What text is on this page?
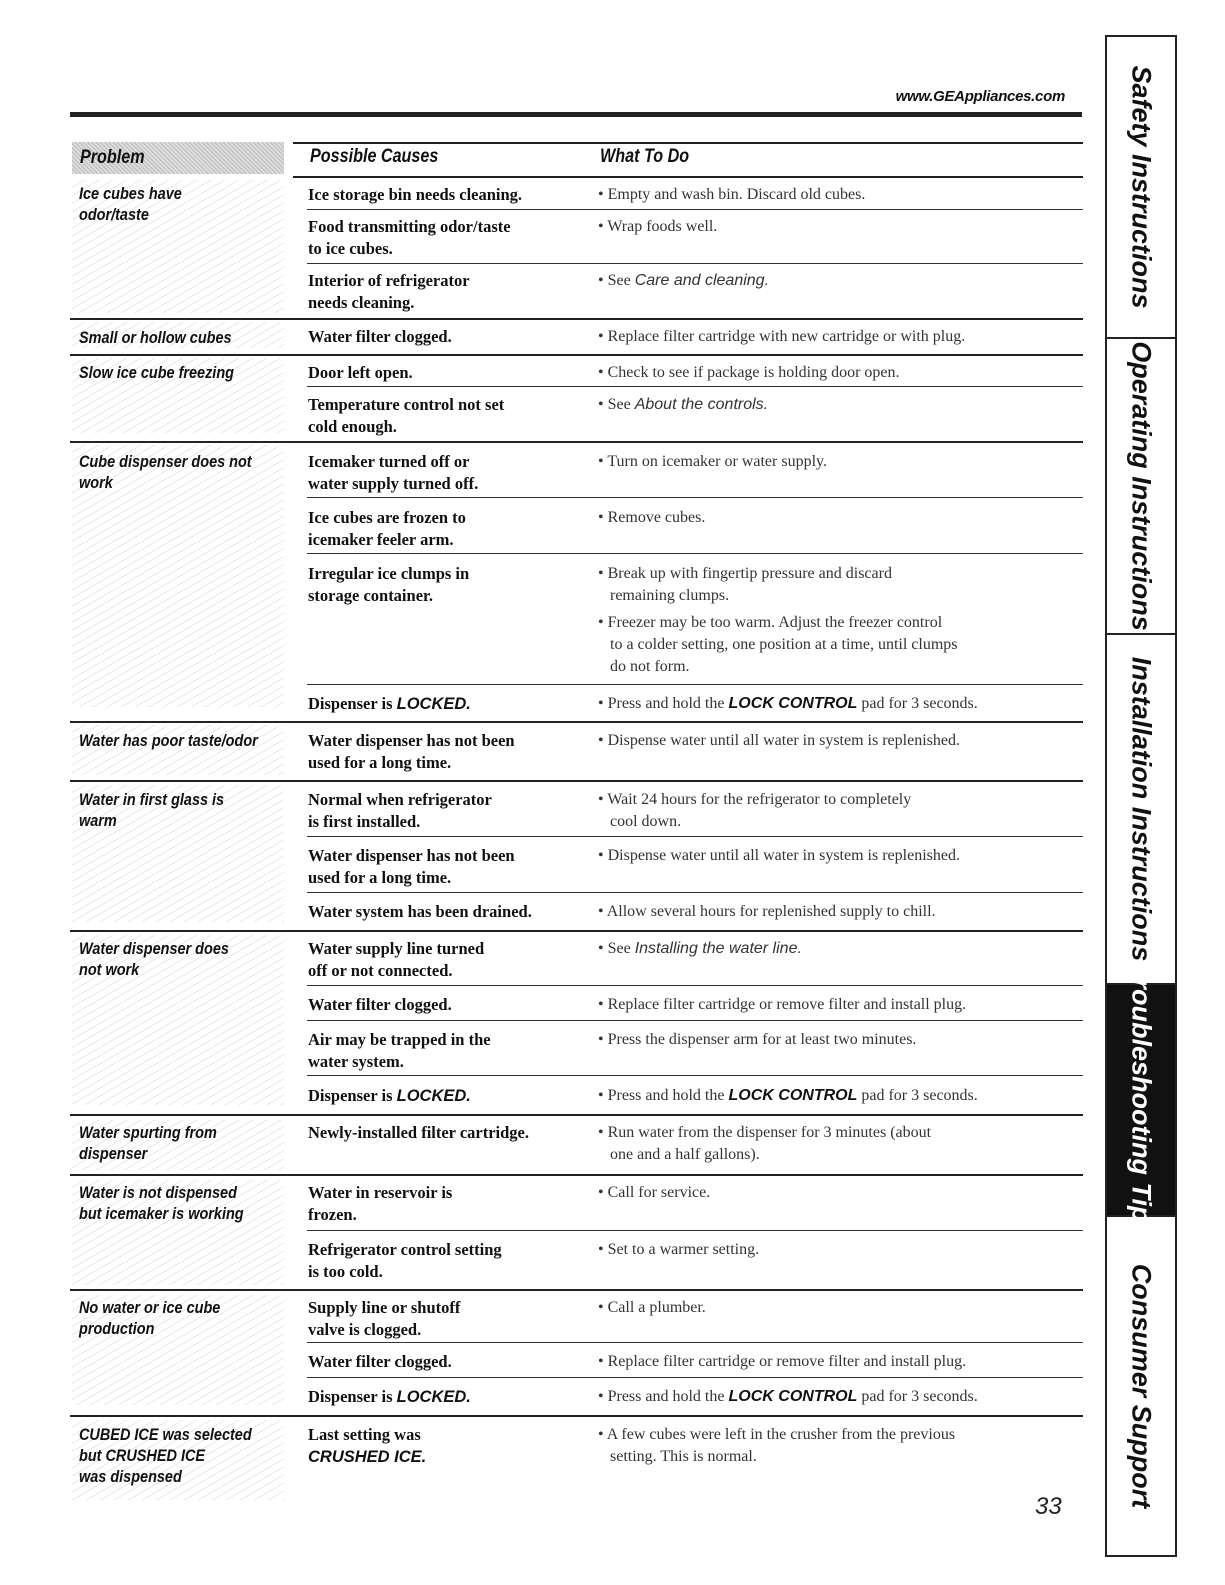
www.GEAppliances.com
Problem	Possible Causes	What To Do
Ice cubes have
odor/taste
Small or hollow cubes
Slow ice cube freezing
Cube dispenser does not
work
Water has poor taste/odor
Water in first glass is
warm
Water dispenser does
not work
Water spurting from
dispenser
Water is not dispensed
but icemaker is working
No water or ice cube
production
CUBED ICE was selected
but CRUSHED ICE
was dispensed
Ice storage bin needs cleaning.
Food transmitting odor/taste
to ice cubes.
Interior of refrigerator
needs cleaning.
Water filter clogged.
Door left open.
Temperature control not set
cold enough.
Icemaker turned off or
water supply turned off.
Ice cubes are frozen to
icemaker feeler arm.
Irregular ice clumps in
storage container.
Dispenser is LOCKED.
Water dispenser has not been
used for a long time.
Normal when refrigerator
is first installed.
Water dispenser has not been
used for a long time.
Water system has been drained.
Water supply line turned
off or not connected.
Water filter clogged.
Air may be trapped in the
water system.
Dispenser is LOCKED.
Newly-installed filter cartridge.
Water in reservoir is
frozen.
Refrigerator control setting
is too cold.
Supply line or shutoff
valve is clogged.
Water filter clogged.
Dispenser is LOCKED.
Last setting was
CRUSHED ICE.
• Empty and wash bin. Discard old cubes.
• Wrap foods well.
• See Care and cleaning.
• Replace filter cartridge with new cartridge or with plug.
• Check to see if package is holding door open.
• See About the controls.
• Turn on icemaker or water supply.
• Remove cubes.
• Break up with fingertip pressure and discard
remaining clumps.
• Freezer may be too warm. Adjust the freezer control
to a colder setting, one position at a time, until clumps
do not form.
• Press and hold the LOCK CONTROL pad for 3 seconds.
• Dispense water until all water in system is replenished.
• Wait 24 hours for the refrigerator to completely
cool down.
• Dispense water until all water in system is replenished.
• Allow several hours for replenished supply to chill.
• See Installing the water line.
• Replace filter cartridge or remove filter and install plug.
• Press the dispenser arm for at least two minutes.
• Press and hold the LOCK CONTROL pad for 3 seconds.
• Run water from the dispenser for 3 minutes (about
one and a half gallons).
• Call for service.
• Set to a warmer setting.
• Call a plumber.
• Replace filter cartridge or remove filter and install plug.
• Press and hold the LOCK CONTROL pad for 3 seconds.
• A few cubes were left in the crusher from the previous
setting. This is normal.
Safety Instructions
Operating Instructions
Installation Instructions
Troubleshooting Tips
Consumer Support
33
